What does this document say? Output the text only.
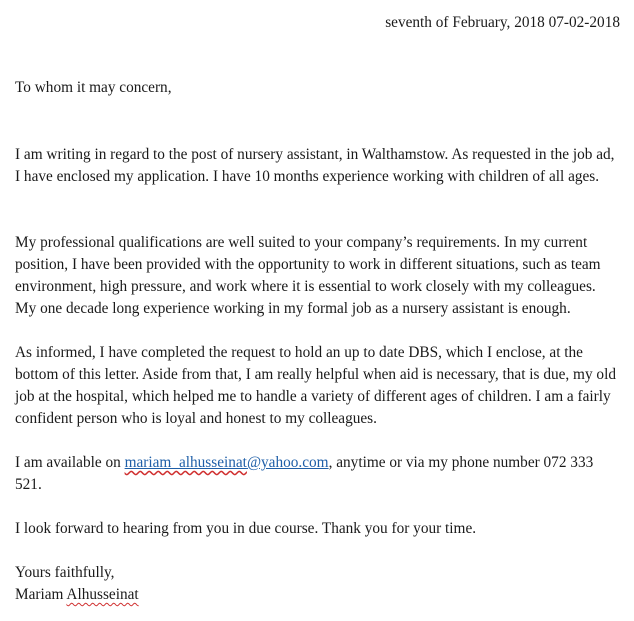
seventh of February, 2018 07-02-2018

To whom it may concern,

I am writing in regard to the post of nursery assistant, in Walthamstow. As requested in the job ad, I have enclosed my application. I have 10 months experience working with children of all ages.

My professional qualifications are well suited to your company’s requirements. In my current position, I have been provided with the opportunity to work in different situations, such as team environment, high pressure, and work where it is essential to work closely with my colleagues. My one decade long experience working in my formal job as a nursery assistant is enough.

As informed, I have completed the request to hold an up to date DBS, which I enclose, at the bottom of this letter. Aside from that, I am really helpful when aid is necessary, that is due, my old job at the hospital, which helped me to handle a variety of different ages of children. I am a fairly confident person who is loyal and honest to my colleagues.

I am available on mariam_alhusseinat@yahoo.com, anytime or via my phone number 072 333 521.

I look forward to hearing from you in due course. Thank you for your time.

Yours faithfully,

Mariam Alhusseinat
